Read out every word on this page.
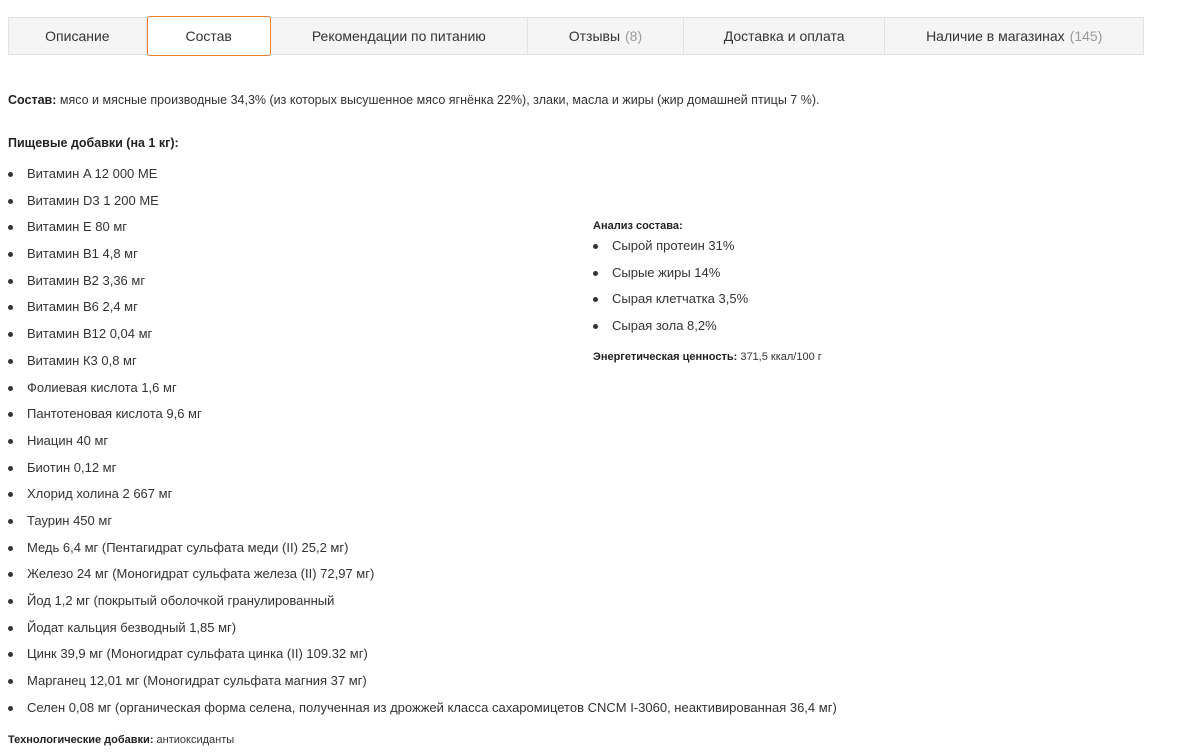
Описание	Состав	Рекомендации по питанию	Отзывы (8)	Доставка и оплата	Наличие в магазинах (145)
Состав: мясо и мясные производные 34,3% (из которых высушенное мясо ягнёнка 22%), злаки, масла и жиры (жир домашней птицы 7 %).
Пищевые добавки (на 1 кг):
Витамин A 12 000 МЕ
Витамин D3 1 200 МЕ
Витамин E 80 мг
Витамин B1 4,8 мг
Витамин B2 3,36 мг
Витамин B6 2,4 мг
Витамин B12 0,04 мг
Витамин К3 0,8 мг
Фолиевая кислота 1,6 мг
Пантотеновая кислота 9,6 мг
Ниацин 40 мг
Биотин 0,12 мг
Хлорид холина 2 667 мг
Таурин 450 мг
Медь 6,4 мг (Пентагидрат сульфата меди (II) 25,2 мг)
Железо 24 мг (Моногидрат сульфата железа (II) 72,97 мг)
Йод 1,2 мг (покрытый оболочкой гранулированный
Йодат кальция безводный 1,85 мг)
Цинк 39,9 мг (Моногидрат сульфата цинка (II) 109.32 мг)
Марганец 12,01 мг (Моногидрат сульфата магния 37 мг)
Селен 0,08 мг (органическая форма селена, полученная из дрожжей класса сахаромицетов CNCM I-3060, неактивированная 36,4 мг)
Анализ состава:
Сырой протеин 31%
Сырые жиры 14%
Сырая клетчатка 3,5%
Сырая зола 8,2%
Энергетическая ценность: 371,5 ккал/100 г
Технологические добавки: антиоксиданты
